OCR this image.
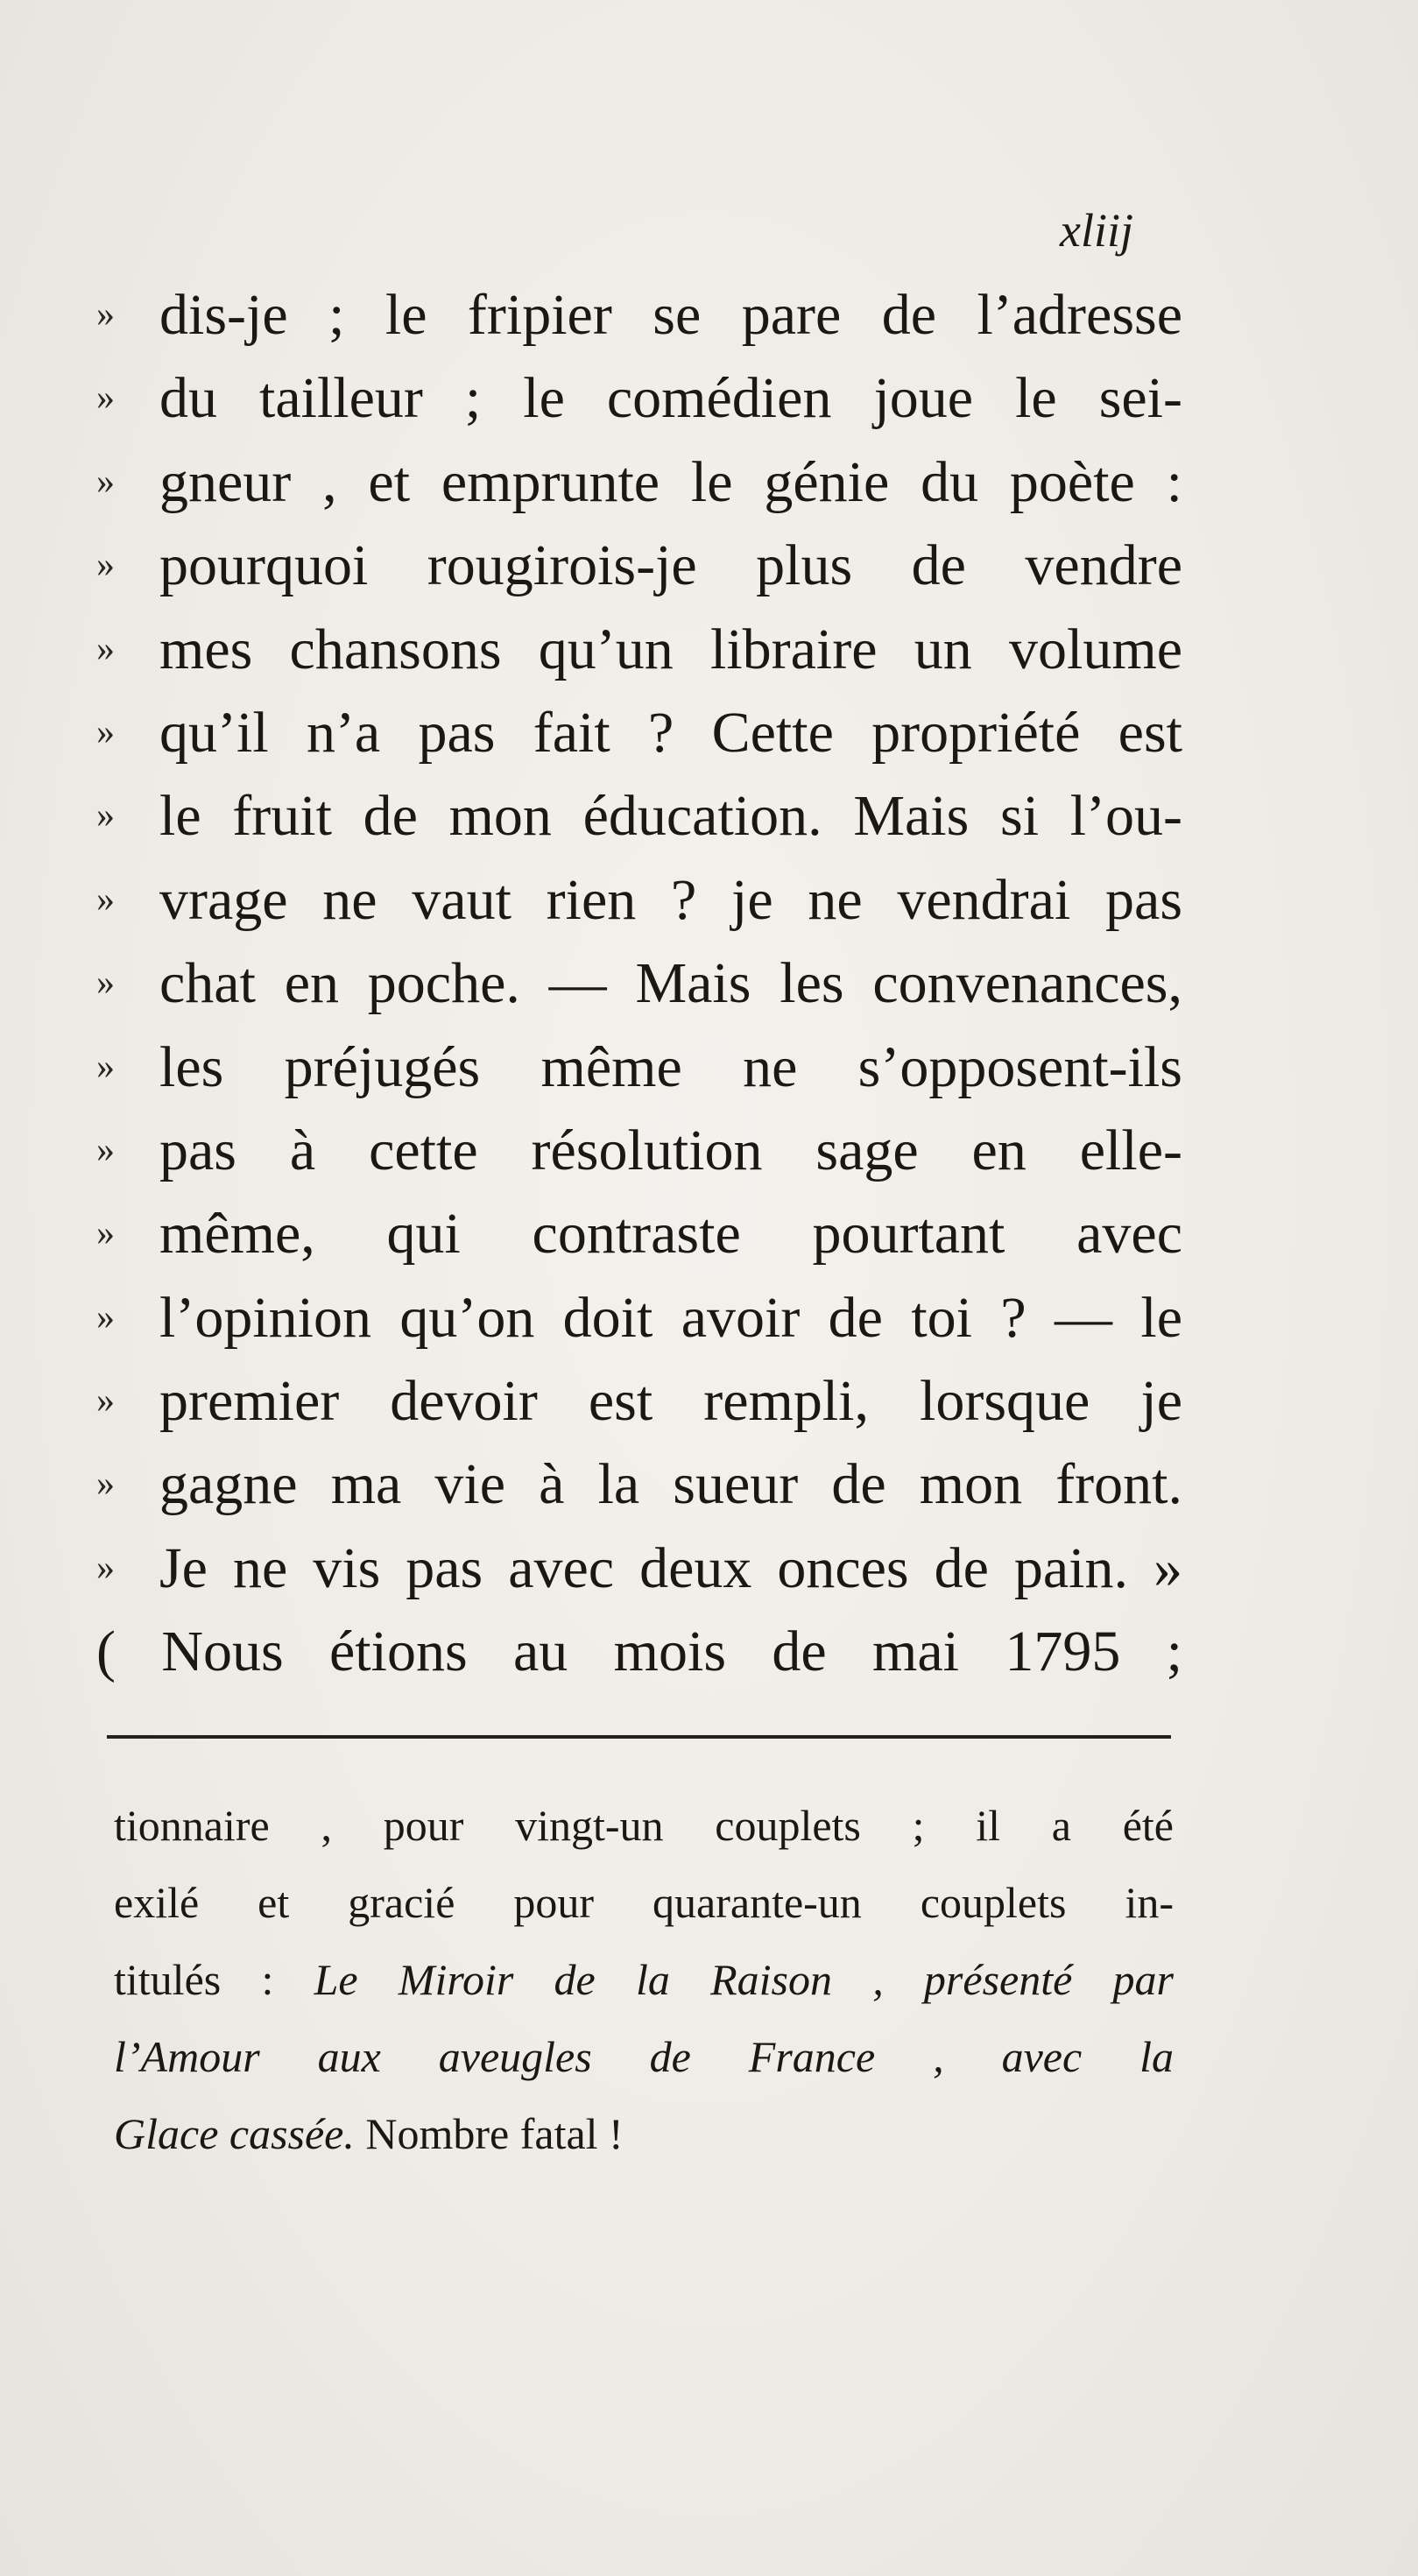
xliij
» dis-je ; le fripier se pare de l’adresse
» du tailleur ; le comédien joue le sei-
» gneur , et emprunte le génie du poète :
» pourquoi rougirois-je plus de vendre
» mes chansons qu’un libraire un volume
» qu’il n’a pas fait ? Cette propriété est
» le fruit de mon éducation. Mais si l’ou-
» vrage ne vaut rien ? je ne vendrai pas
» chat en poche. — Mais les convenances,
» les préjugés même ne s’opposent-ils
» pas à cette résolution sage en elle-
» même, qui contraste pourtant avec
» l’opinion qu’on doit avoir de toi ? — le
» premier devoir est rempli, lorsque je
» gagne ma vie à la sueur de mon front.
» Je ne vis pas avec deux onces de pain. »
( Nous étions au mois de mai 1795 ;
tionnaire , pour vingt-un couplets ; il a été
exilé et gracié pour quarante-un couplets in-
titulés : Le Miroir de la Raison , présenté par
l’Amour aux aveugles de France , avec la
Glace cassée. Nombre fatal !
